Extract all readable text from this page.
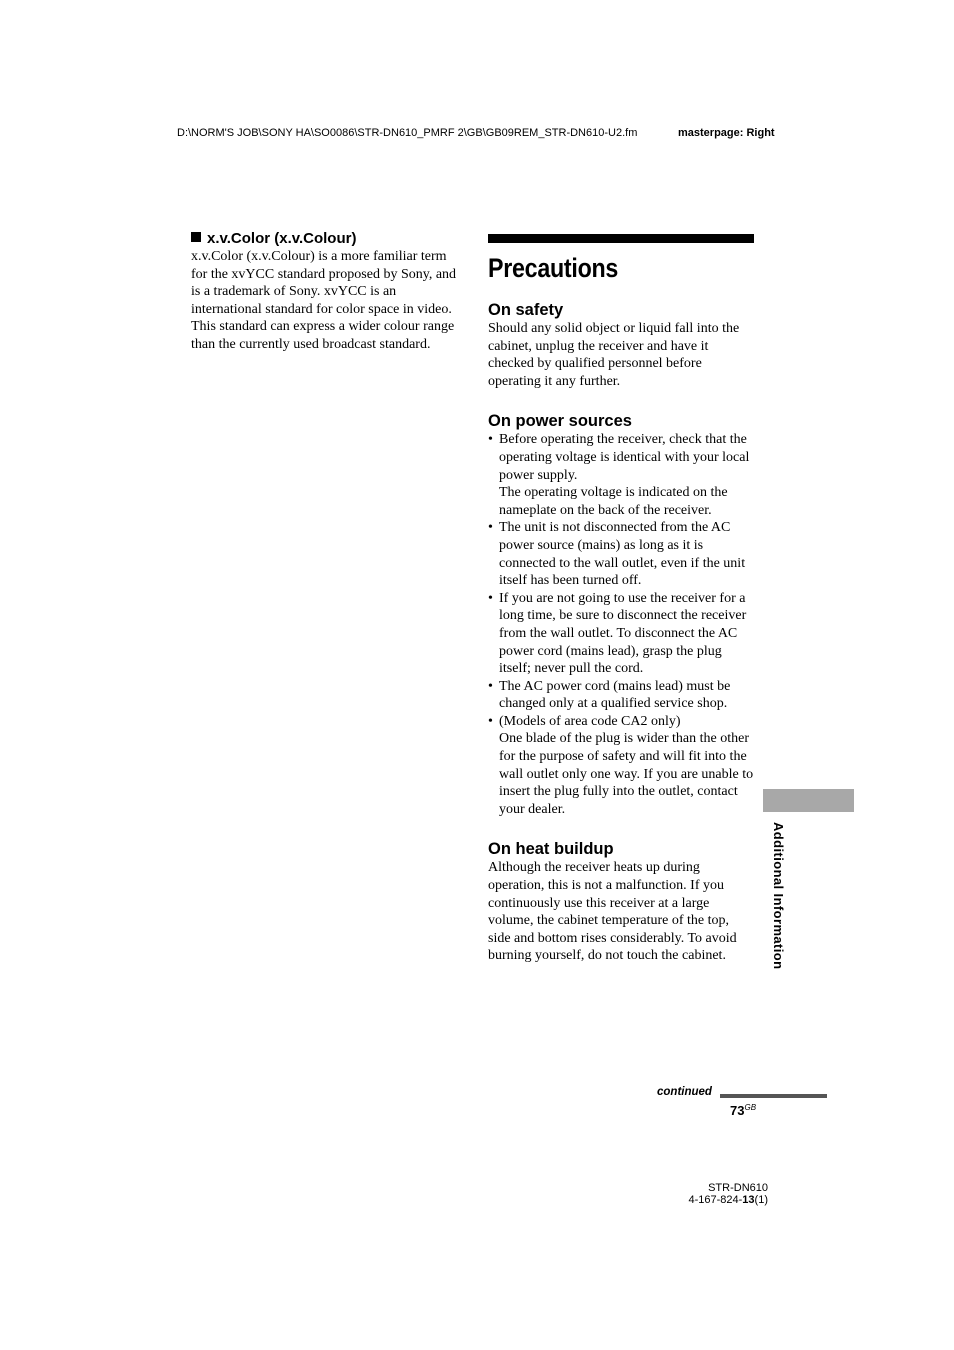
D:\NORM'S JOB\SONY HA\SO0086\STR-DN610_PMRF 2\GB\GB09REM_STR-DN610-U2.fm	masterpage: Right
x.v.Color (x.v.Colour)

x.v.Color (x.v.Colour) is a more familiar term for the xvYCC standard proposed by Sony, and is a trademark of Sony. xvYCC is an international standard for color space in video. This standard can express a wider colour range than the currently used broadcast standard.

Precautions
On safety

Should any solid object or liquid fall into the cabinet, unplug the receiver and have it checked by qualified personnel before operating it any further.

On power sources
• Before operating the receiver, check that the operating voltage is identical with your local power supply.
The operating voltage is indicated on the nameplate on the back of the receiver.
• The unit is not disconnected from the AC power source (mains) as long as it is connected to the wall outlet, even if the unit itself has been turned off.
• If you are not going to use the receiver for a long time, be sure to disconnect the receiver from the wall outlet. To disconnect the AC power cord (mains lead), grasp the plug itself; never pull the cord.
• The AC power cord (mains lead) must be changed only at a qualified service shop.
• (Models of area code CA2 only)
One blade of the plug is wider than the other for the purpose of safety and will fit into the wall outlet only one way. If you are unable to insert the plug fully into the outlet, contact your dealer.
On heat buildup

Although the receiver heats up during operation, this is not a malfunction. If you continuously use this receiver at a large volume, the cabinet temperature of the top, side and bottom rises considerably. To avoid burning yourself, do not touch the cabinet.	Additional Information
continued
$73^{GB}$
STR-DN610
4-167-824-13(1)
